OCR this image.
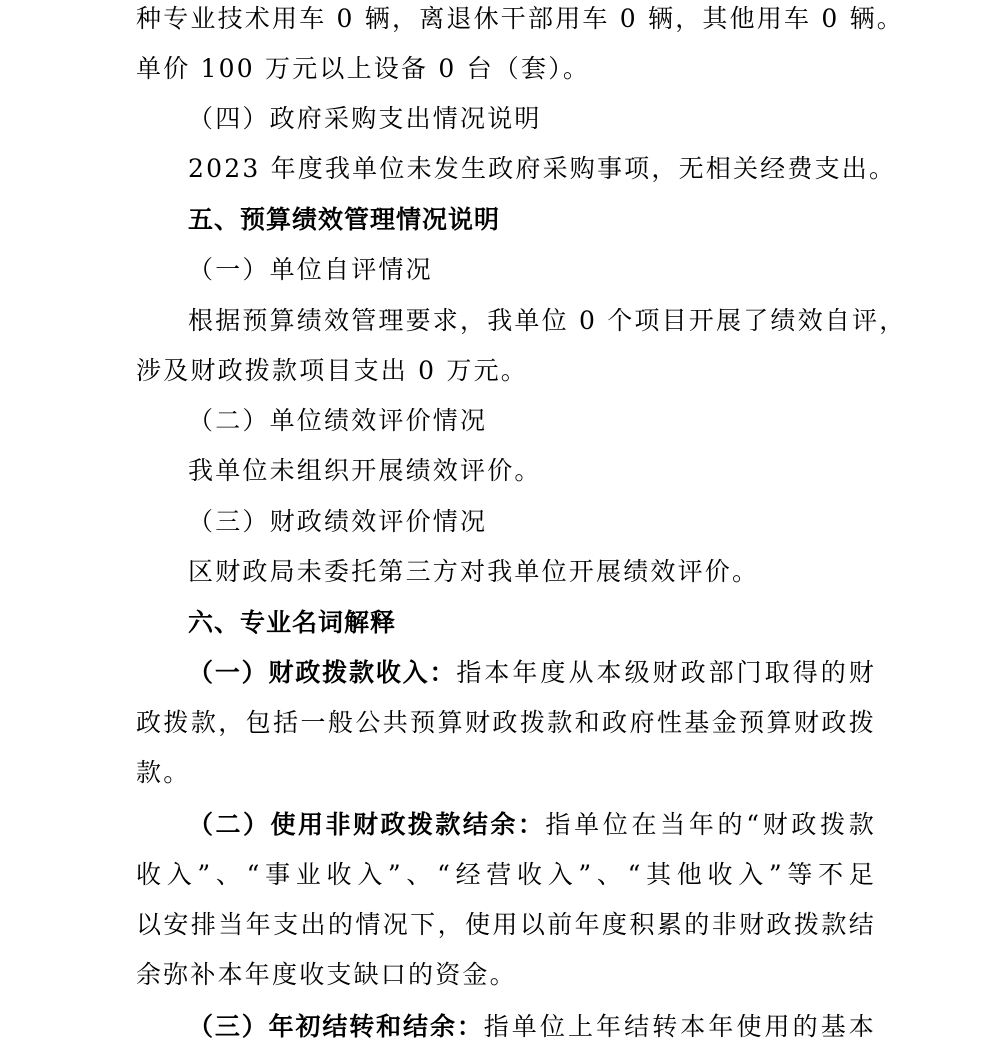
种专业技术用车 0 辆，离退休干部用车 0 辆，其他用车 0 辆。
单价 100 万元以上设备 0 台（套）。
（四）政府采购支出情况说明
2023 年度我单位未发生政府采购事项，无相关经费支出。
五、预算绩效管理情况说明
（一）单位自评情况
根据预算绩效管理要求，我单位 0 个项目开展了绩效自评，
涉及财政拨款项目支出 0 万元。
（二）单位绩效评价情况
我单位未组织开展绩效评价。
（三）财政绩效评价情况
区财政局未委托第三方对我单位开展绩效评价。
六、专业名词解释
（一）财政拨款收入：指本年度从本级财政部门取得的财
政拨款，包括一般公共预算财政拨款和政府性基金预算财政拨
款。
（二）使用非财政拨款结余：指单位在当年的“财政拨款
收入”、“事业收入”、“经营收入”、“其他收入”等不足
以安排当年支出的情况下，使用以前年度积累的非财政拨款结
余弥补本年度收支缺口的资金。
（三）年初结转和结余：指单位上年结转本年使用的基本
